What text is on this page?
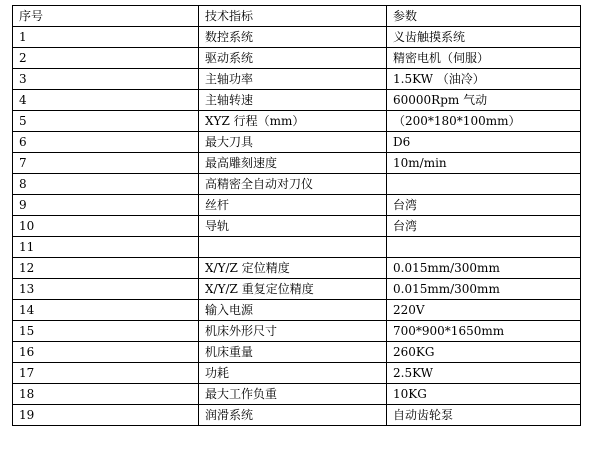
序号	技术指标	参数
1	数控系统	义齿触摸系统
2	驱动系统	精密电机（伺服）
3	主轴功率	1.5KW （油冷）
4	主轴转速	60000Rpm 气动
5	XYZ 行程（mm）	（200*180*100mm）
6	最大刀具	D6
7	最高雕刻速度	10m/min
8	高精密全自动对刀仪	
9	丝杆	台湾
10	导轨	台湾
11		
12	X/Y/Z 定位精度	0.015mm/300mm
13	X/Y/Z 重复定位精度	0.015mm/300mm
14	输入电源	220V
15	机床外形尺寸	700*900*1650mm
16	机床重量	260KG
17	功耗	2.5KW
18	最大工作负重	10KG
19	润滑系统	自动齿轮泵
